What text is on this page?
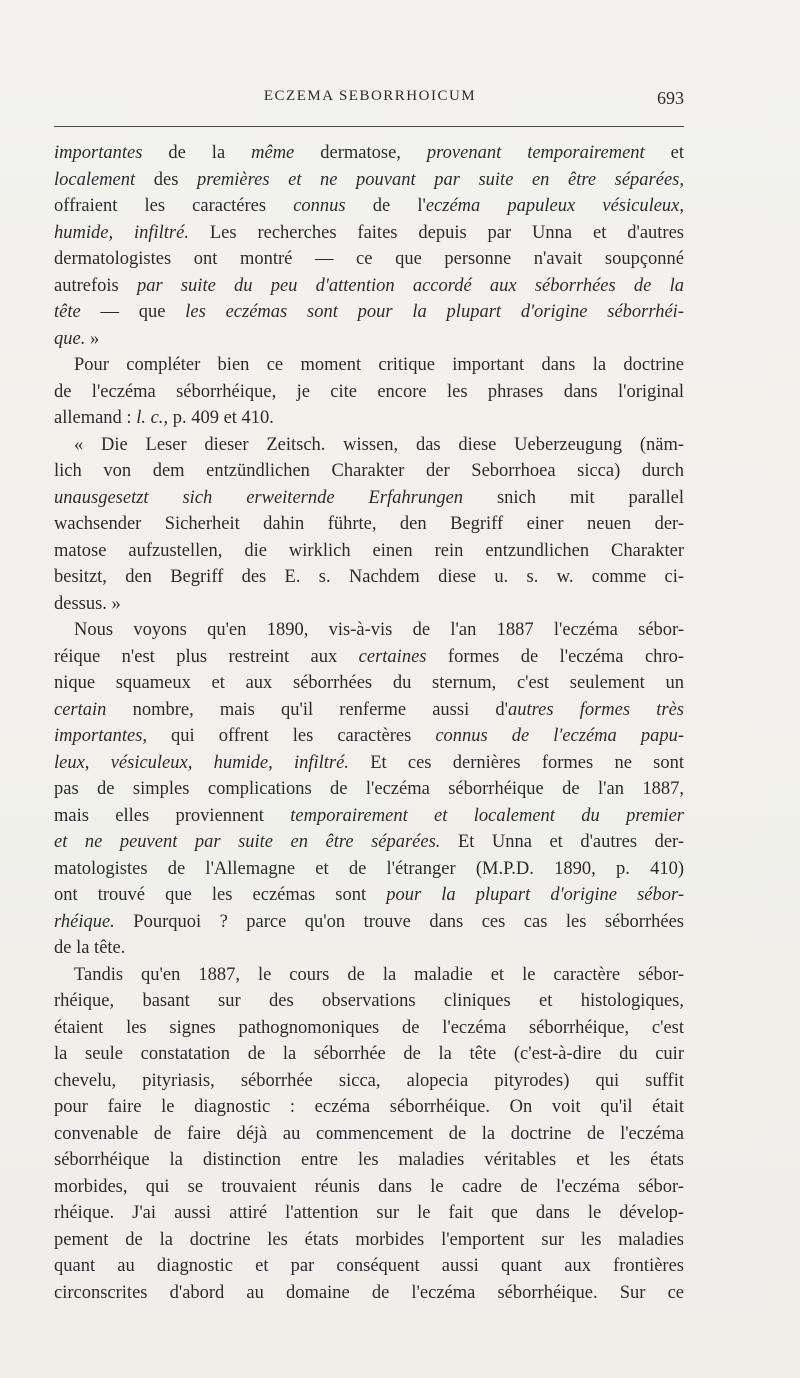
ECZEMA SEBORRHOICUM	693
importantes de la même dermatose, provenant temporairement et
localement des premières et ne pouvant par suite en être séparées,
offraient les caractéres connus de l'eczéma papuleux vésiculeux,
humide, infiltré. Les recherches faites depuis par Unna et d'autres
dermatologistes ont montré — ce que personne n'avait soupçonné
autrefois par suite du peu d'attention accordé aux séborrhées de la
tête — que les eczémas sont pour la plupart d'origine séborrhéi-
que. »
Pour compléter bien ce moment critique important dans la doctrine
de l'eczéma séborrhéique, je cite encore les phrases dans l'original
allemand : l. c., p. 409 et 410.
« Die Leser dieser Zeitsch. wissen, das diese Ueberzeugung (näm-
lich von dem entzündlichen Charakter der Seborrhoea sicca) durch
unausgesetzt sich erweiternde Erfahrungen snich mit parallel
wachsender Sicherheit dahin führte, den Begriff einer neuen der-
matose aufzustellen, die wirklich einen rein entzundlichen Charakter
besitzt, den Begriff des E. s. Nachdem diese u. s. w. comme ci-
dessus. »
Nous voyons qu'en 1890, vis-à-vis de l'an 1887 l'eczéma sébor-
réique n'est plus restreint aux certaines formes de l'eczéma chro-
nique squameux et aux séborrhées du sternum, c'est seulement un
certain nombre, mais qu'il renferme aussi d'autres formes très
importantes, qui offrent les caractères connus de l'eczéma papu-
leux, vésiculeux, humide, infiltré. Et ces dernières formes ne sont
pas de simples complications de l'eczéma séborrhéique de l'an 1887,
mais elles proviennent temporairement et localement du premier
et ne peuvent par suite en être séparées. Et Unna et d'autres der-
matologistes de l'Allemagne et de l'étranger (M.P.D. 1890, p. 410)
ont trouvé que les eczémas sont pour la plupart d'origine sébor-
rhéique. Pourquoi ? parce qu'on trouve dans ces cas les séborrhées
de la tête.
Tandis qu'en 1887, le cours de la maladie et le caractère sébor-
rhéique, basant sur des observations cliniques et histologiques,
étaient les signes pathognomoniques de l'eczéma séborrhéique, c'est
la seule constatation de la séborrhée de la tête (c'est-à-dire du cuir
chevelu, pityriasis, séborrhée sicca, alopecia pityrodes) qui suffit
pour faire le diagnostic : eczéma séborrhéique. On voit qu'il était
convenable de faire déjà au commencement de la doctrine de l'eczéma
séborrhéique la distinction entre les maladies véritables et les états
morbides, qui se trouvaient réunis dans le cadre de l'eczéma sébor-
rhéique. J'ai aussi attiré l'attention sur le fait que dans le dévelop-
pement de la doctrine les états morbides l'emportent sur les maladies
quant au diagnostic et par conséquent aussi quant aux frontières
circonscrites d'abord au domaine de l'eczéma séborrhéique. Sur ce
